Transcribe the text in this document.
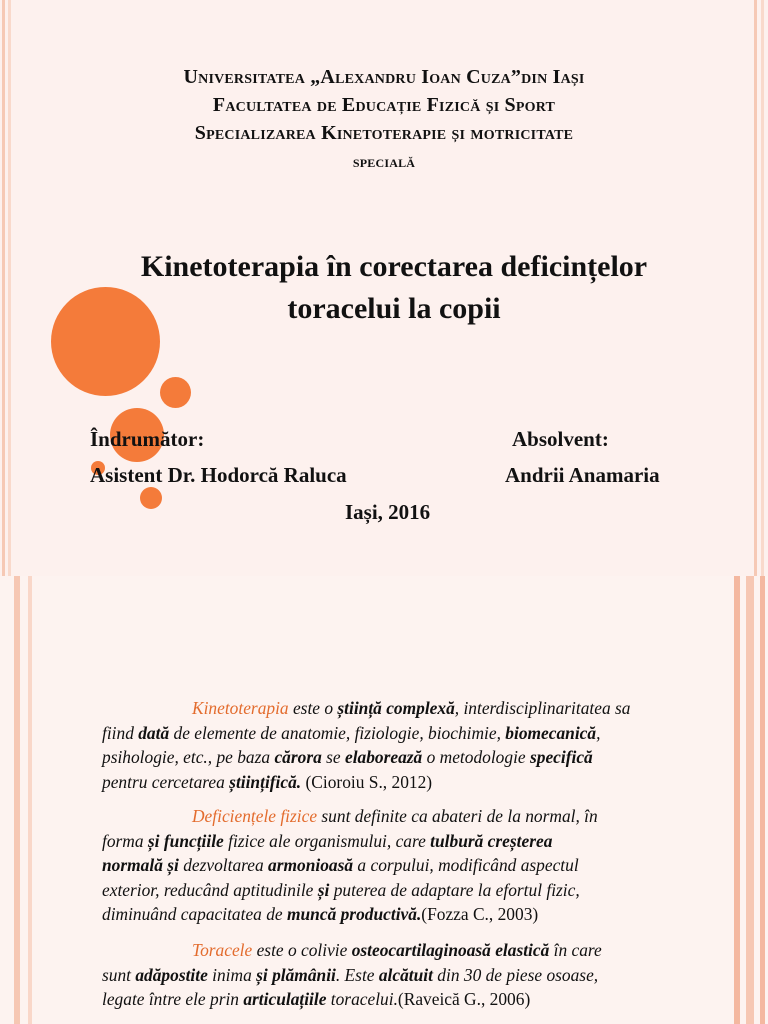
Universitatea „Alexandru Ioan Cuza”din Iași
Facultatea de Educație Fizică și Sport
Specializarea Kinetoterapie și motricitate
specială
Kinetoterapia în corectarea deficințelor
toracelui la copii
Îndrumător:	Absolvent:
Asistent Dr. Hodorcă Raluca	Andrii Anamaria
Iași, 2016
Kinetoterapia este o știință complexă, interdisciplinaritatea sa
fiind dată de elemente de anatomie, fiziologie, biochimie, biomecanică,
psihologie, etc., pe baza cărora se elaborează o metodologie specifică
pentru cercetarea științifică. (Cioroiu S., 2012)
Deficiențele fizice sunt definite ca abateri de la normal, în
forma și funcțiile fizice ale organismului, care tulbură creșterea
normală și dezvoltarea armonioasă a corpului, modificând aspectul
exterior, reducând aptitudinile și puterea de adaptare la efortul fizic,
diminuând capacitatea de muncă productivă.(Fozza C., 2003)
Toracele este o colivie osteocartilaginoasă elastică în care
sunt adăpostite inima și plămânii. Este alcătuit din 30 de piese osoase,
legate între ele prin articulațiile toracelui.(Raveică G., 2006)
